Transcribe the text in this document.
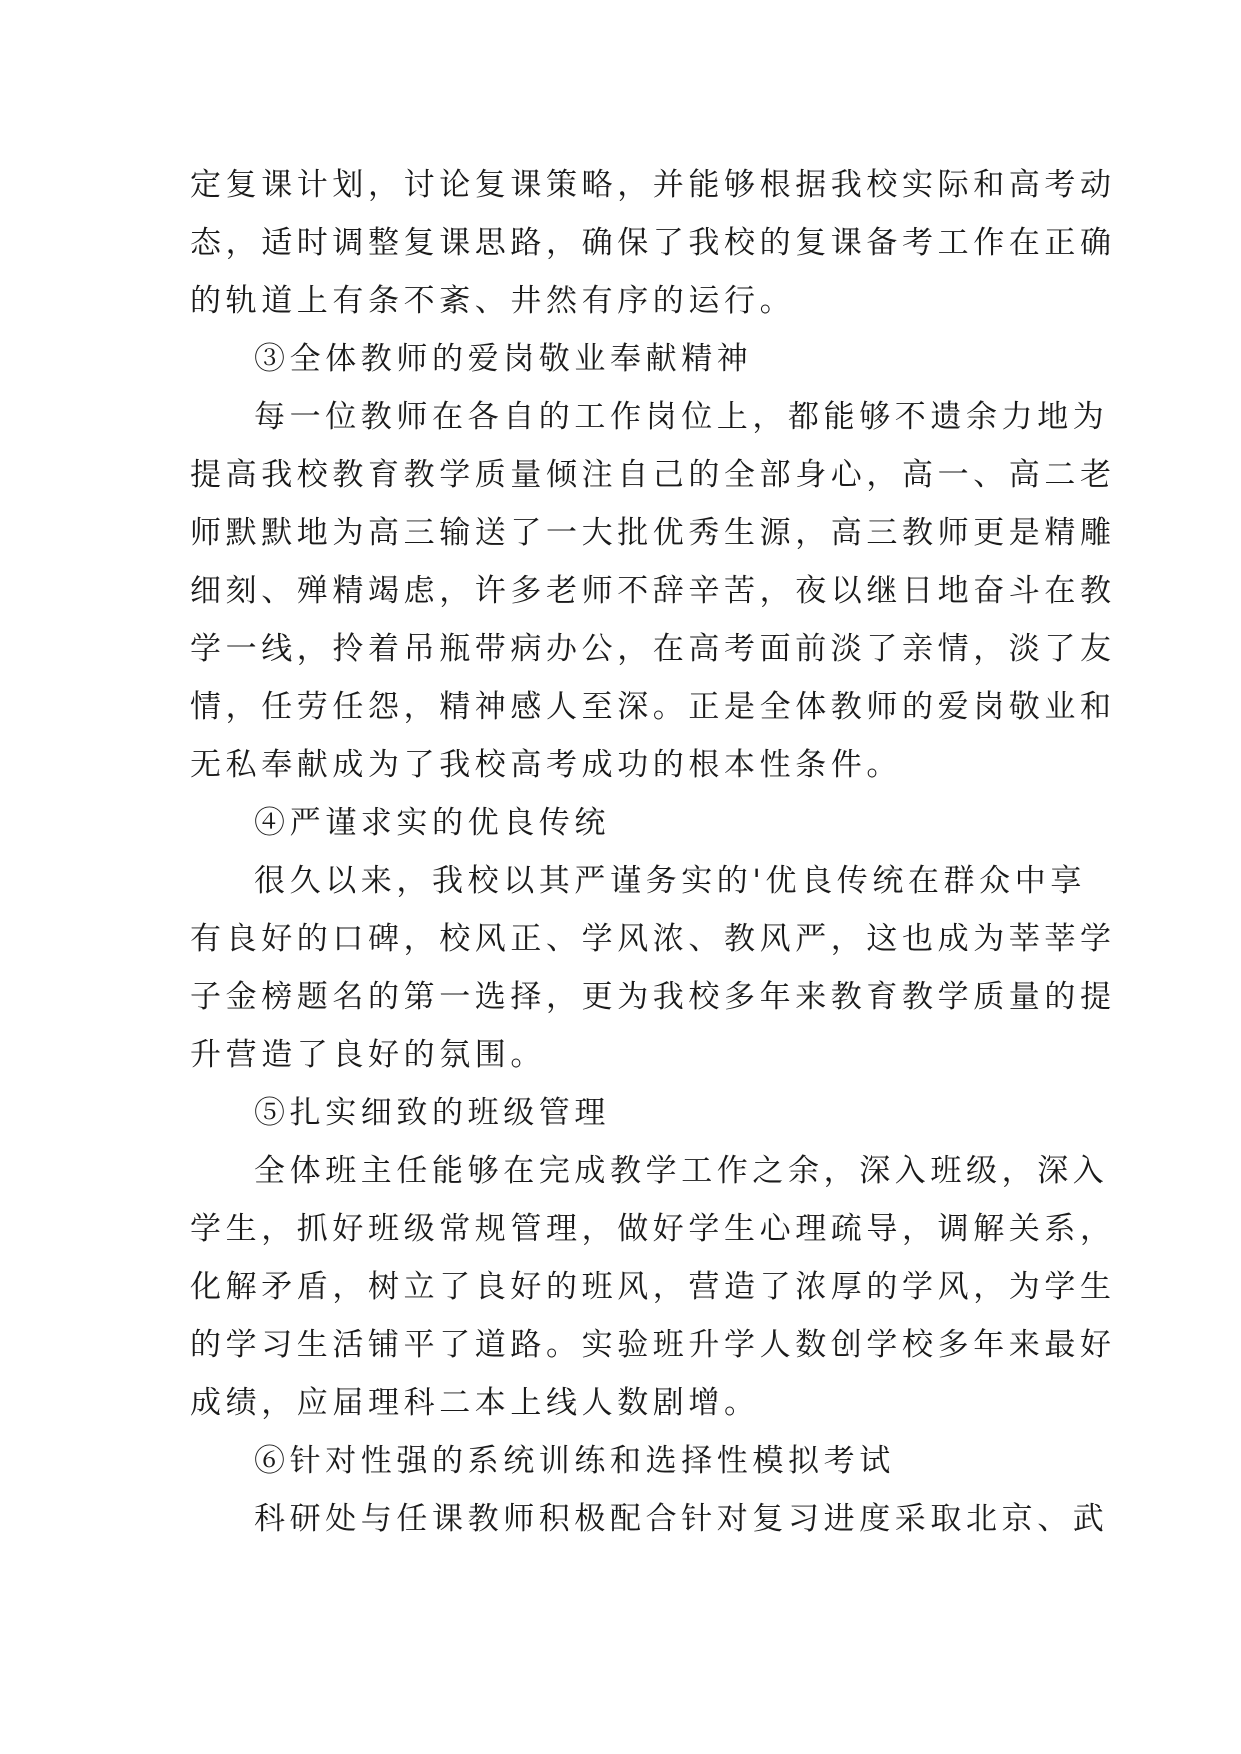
定复课计划，讨论复课策略，并能够根据我校实际和高考动
态，适时调整复课思路，确保了我校的复课备考工作在正确
的轨道上有条不紊、井然有序的运行。
③全体教师的爱岗敬业奉献精神
每一位教师在各自的工作岗位上，都能够不遗余力地为
提高我校教育教学质量倾注自己的全部身心，高一、高二老
师默默地为高三输送了一大批优秀生源，高三教师更是精雕
细刻、殚精竭虑，许多老师不辞辛苦，夜以继日地奋斗在教
学一线，拎着吊瓶带病办公，在高考面前淡了亲情，淡了友
情，任劳任怨，精神感人至深。正是全体教师的爱岗敬业和
无私奉献成为了我校高考成功的根本性条件。
④严谨求实的优良传统
很久以来，我校以其严谨务实的'优良传统在群众中享
有良好的口碑，校风正、学风浓、教风严，这也成为莘莘学
子金榜题名的第一选择，更为我校多年来教育教学质量的提
升营造了良好的氛围。
⑤扎实细致的班级管理
全体班主任能够在完成教学工作之余，深入班级，深入
学生，抓好班级常规管理，做好学生心理疏导，调解关系，
化解矛盾，树立了良好的班风，营造了浓厚的学风，为学生
的学习生活铺平了道路。实验班升学人数创学校多年来最好
成绩，应届理科二本上线人数剧增。
⑥针对性强的系统训练和选择性模拟考试
科研处与任课教师积极配合针对复习进度采取北京、武
